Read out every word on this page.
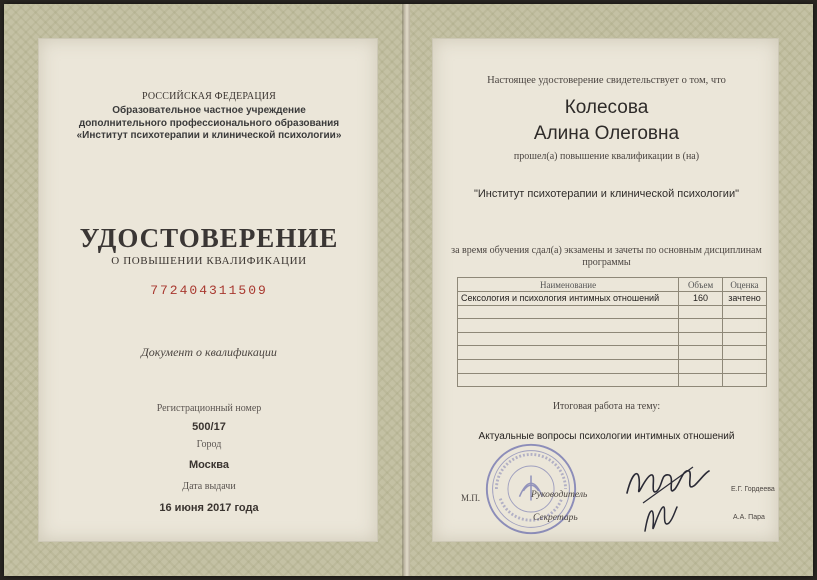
РОССИЙСКАЯ ФЕДЕРАЦИЯ
Образовательное частное учреждение
дополнительного профессионального образования
«Институт психотерапии и клинической психологии»
УДОСТОВЕРЕНИЕ
О ПОВЫШЕНИИ КВАЛИФИКАЦИИ
772404311509
Документ о квалификации
Регистрационный номер
500/17
Город
Москва
Дата выдачи
16 июня 2017 года
Настоящее удостоверение свидетельствует о том, что
Колесова
Алина Олеговна
прошел(а) повышение квалификации в (на)
"Институт психотерапии и клинической психологии"
за время обучения сдал(а) экзамены и зачеты по основным дисциплинам программы
Наименование	Объем	Оценка
Сексология и психология интимных отношений	160	зачтено

Итоговая работа на тему:
Актуальные вопросы психологии интимных отношений
М.П.	Руководитель
Секретарь
Е.Г. Гордеева
А.А. Пара
